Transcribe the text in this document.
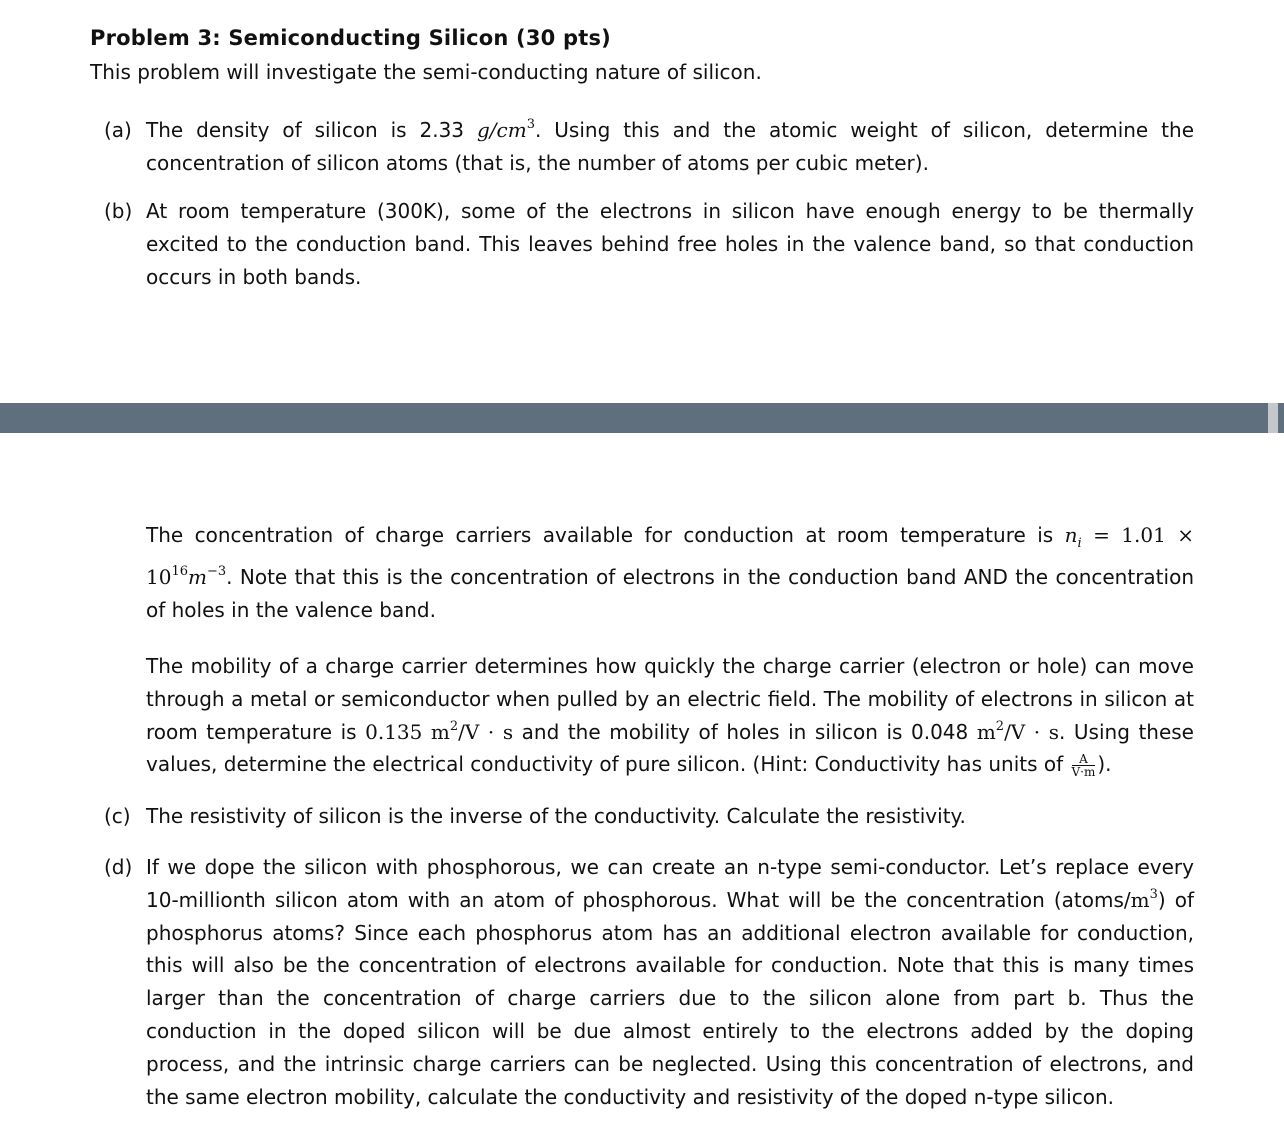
Problem 3: Semiconducting Silicon (30 pts)
This problem will investigate the semi-conducting nature of silicon.
(a) The density of silicon is 2.33 $g/cm^3$. Using this and the atomic weight of silicon, determine the concentration of silicon atoms (that is, the number of atoms per cubic meter).
(b) At room temperature (300K), some of the electrons in silicon have enough energy to be thermally excited to the conduction band. This leaves behind free holes in the valence band, so that conduction occurs in both bands.
The concentration of charge carriers available for conduction at room temperature is $n_i = 1.01 \times 10^{16}m^{-3}$. Note that this is the concentration of electrons in the conduction band AND the concentration of holes in the valence band.
The mobility of a charge carrier determines how quickly the charge carrier (electron or hole) can move through a metal or semiconductor when pulled by an electric field. The mobility of electrons in silicon at room temperature is 0.135 $m^2/V \cdot s$ and the mobility of holes in silicon is 0.048 $m^2/V \cdot s$. Using these values, determine the electrical conductivity of pure silicon. (Hint: Conductivity has units of $\frac{A}{V\cdot m}$ ).
(c) The resistivity of silicon is the inverse of the conductivity. Calculate the resistivity.
(d) If we dope the silicon with phosphorous, we can create an n-type semi-conductor. Let’s replace every 10-millionth silicon atom with an atom of phosphorous. What will be the concentration $(atoms/m^3)$ of phosphorus atoms? Since each phosphorus atom has an additional electron available for conduction, this will also be the concentration of electrons available for conduction. Note that this is many times larger than the concentration of charge carriers due to the silicon alone from part b. Thus the conduction in the doped silicon will be due almost entirely to the electrons added by the doping process, and the intrinsic charge carriers can be neglected. Using this concentration of electrons, and the same electron mobility, calculate the conductivity and resistivity of the doped n-type silicon.
